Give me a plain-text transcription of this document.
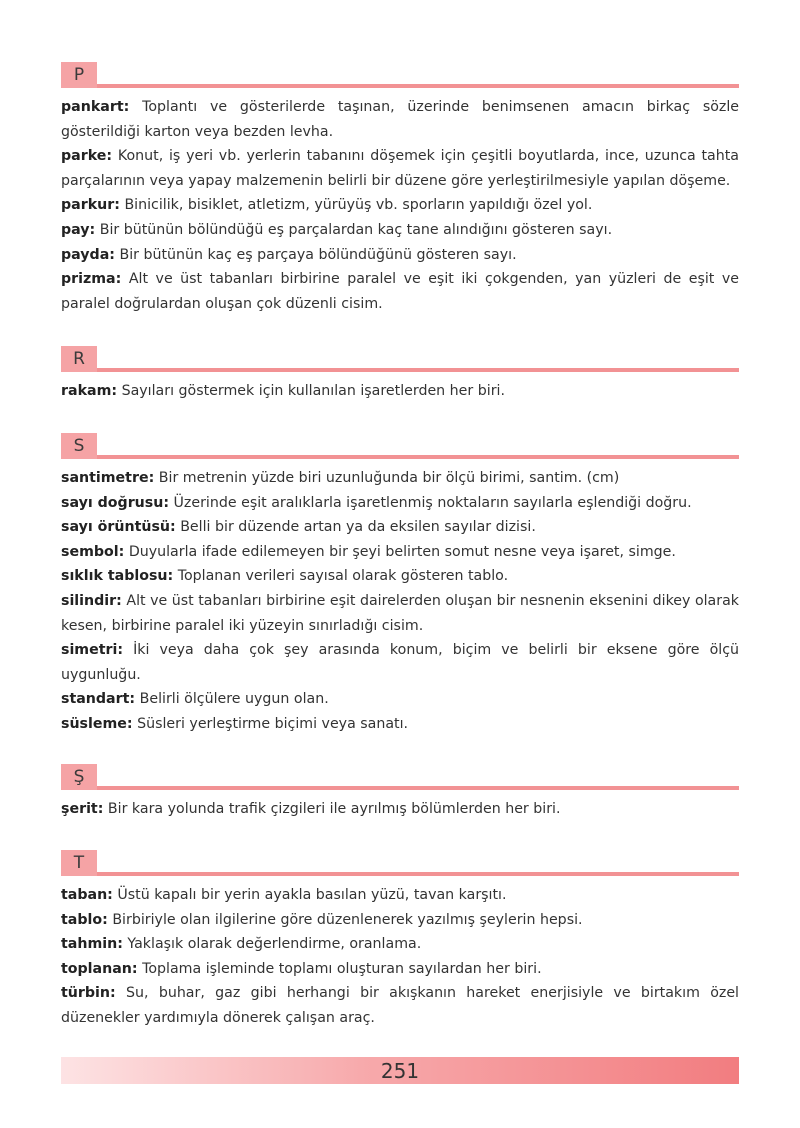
P
pankart: Toplantı ve gösterilerde taşınan, üzerinde benimsenen amacın birkaç sözle gösterildiği karton veya bezden levha.
parke: Konut, iş yeri vb. yerlerin tabanını döşemek için çeşitli boyutlarda, ince, uzunca tahta parçalarının veya yapay malzemenin belirli bir düzene göre yerleştirilmesiyle yapılan döşeme.
parkur: Binicilik, bisiklet, atletizm, yürüyüş vb. sporların yapıldığı özel yol.
pay: Bir bütünün bölündüğü eş parçalardan kaç tane alındığını gösteren sayı.
payda: Bir bütünün kaç eş parçaya bölündüğünü gösteren sayı.
prizma: Alt ve üst tabanları birbirine paralel ve eşit iki çokgenden, yan yüzleri de eşit ve paralel doğrulardan oluşan çok düzenli cisim.
R
rakam: Sayıları göstermek için kullanılan işaretlerden her biri.
S
santimetre: Bir metrenin yüzde biri uzunluğunda bir ölçü birimi, santim. (cm)
sayı doğrusu: Üzerinde eşit aralıklarla işaretlenmiş noktaların sayılarla eşlendiği doğru.
sayı örüntüsü: Belli bir düzende artan ya da eksilen sayılar dizisi.
sembol: Duyularla ifade edilemeyen bir şeyi belirten somut nesne veya işaret, simge.
sıklık tablosu: Toplanan verileri sayısal olarak gösteren tablo.
silindir: Alt ve üst tabanları birbirine eşit dairelerden oluşan bir nesnenin eksenini dikey olarak kesen, birbirine paralel iki yüzeyin sınırladığı cisim.
simetri: İki veya daha çok şey arasında konum, biçim ve belirli bir eksene göre ölçü uygunluğu.
standart: Belirli ölçülere uygun olan.
süsleme: Süsleri yerleştirme biçimi veya sanatı.
Ş
şerit: Bir kara yolunda trafik çizgileri ile ayrılmış bölümlerden her biri.
T
taban: Üstü kapalı bir yerin ayakla basılan yüzü, tavan karşıtı.
tablo: Birbiriyle olan ilgilerine göre düzenlenerek yazılmış şeylerin hepsi.
tahmin: Yaklaşık olarak değerlendirme, oranlama.
toplanan: Toplama işleminde toplamı oluşturan sayılardan her biri.
türbin: Su, buhar, gaz gibi herhangi bir akışkanın hareket enerjisiyle ve birtakım özel düzenekler yardımıyla dönerek çalışan araç.
251
